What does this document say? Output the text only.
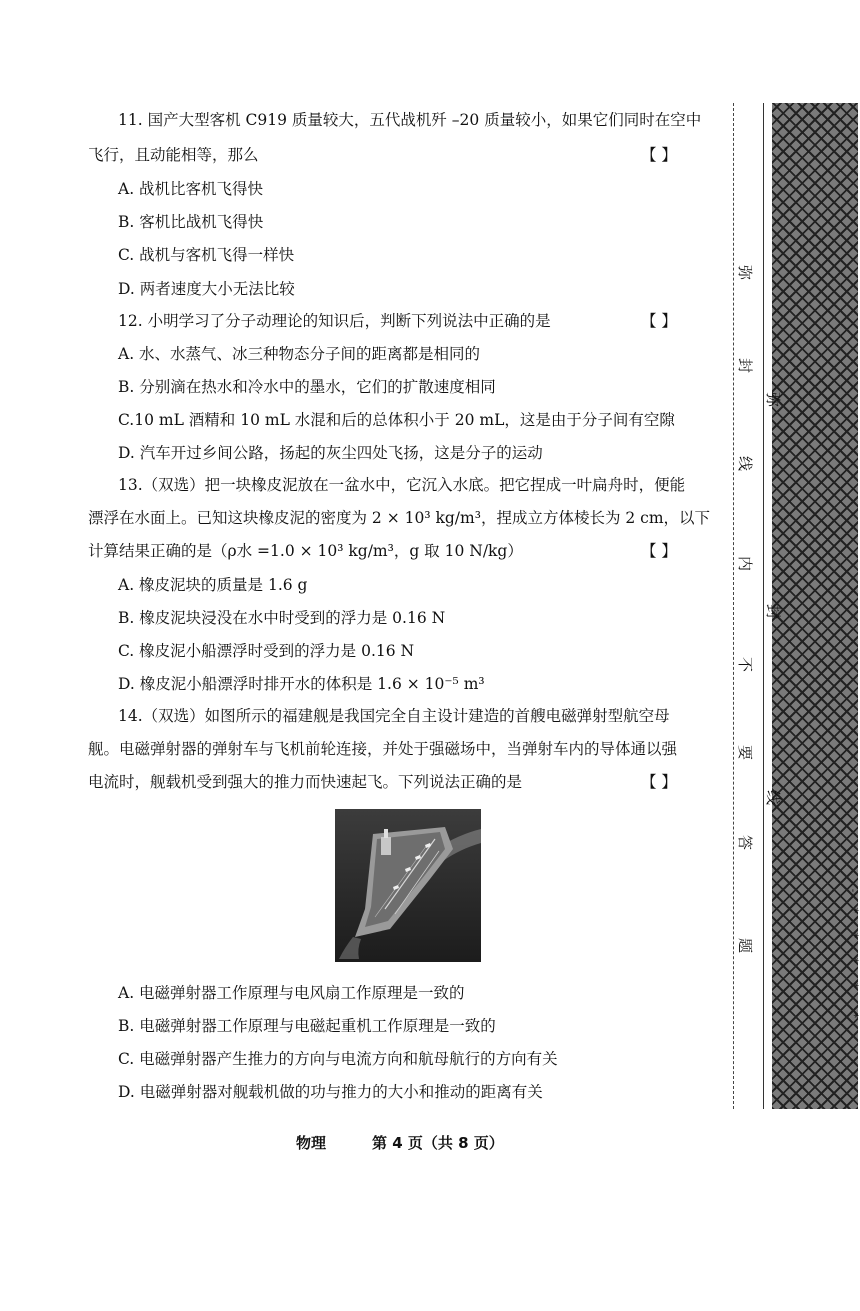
11. 国产大型客机 C919 质量较大，五代战机歼 –20 质量较小，如果它们同时在空中
飞行，且动能相等，那么	【 】
A. 战机比客机飞得快
B. 客机比战机飞得快
C. 战机与客机飞得一样快
D. 两者速度大小无法比较
12. 小明学习了分子动理论的知识后，判断下列说法中正确的是	【 】
A. 水、水蒸气、冰三种物态分子间的距离都是相同的
B. 分别滴在热水和冷水中的墨水，它们的扩散速度相同
C.10 mL 酒精和 10 mL 水混和后的总体积小于 20 mL，这是由于分子间有空隙
D. 汽车开过乡间公路，扬起的灰尘四处飞扬，这是分子的运动
13.（双选）把一块橡皮泥放在一盆水中，它沉入水底。把它捏成一叶扁舟时，便能
漂浮在水面上。已知这块橡皮泥的密度为 2 × 10³ kg/m³，捏成立方体棱长为 2 cm，以下
计算结果正确的是（ρ水 =1.0 × 10³ kg/m³，g 取 10 N/kg）	【 】
A. 橡皮泥块的质量是 1.6 g
B. 橡皮泥块浸没在水中时受到的浮力是 0.16 N
C. 橡皮泥小船漂浮时受到的浮力是 0.16 N
D. 橡皮泥小船漂浮时排开水的体积是 1.6 × 10⁻⁵ m³
14.（双选）如图所示的福建舰是我国完全自主设计建造的首艘电磁弹射型航空母
舰。电磁弹射器的弹射车与飞机前轮连接，并处于强磁场中，当弹射车内的导体通以强
电流时，舰载机受到强大的推力而快速起飞。下列说法正确的是	【 】
A. 电磁弹射器工作原理与电风扇工作原理是一致的
B. 电磁弹射器工作原理与电磁起重机工作原理是一致的
C. 电磁弹射器产生推力的方向与电流方向和航母航行的方向有关
D. 电磁弹射器对舰载机做的功与推力的大小和推动的距离有关
弥
封
线
内
不
要
答
题
弥
封
线
-
*
*
*
*
*
物理	第 4 页（共 8 页）
